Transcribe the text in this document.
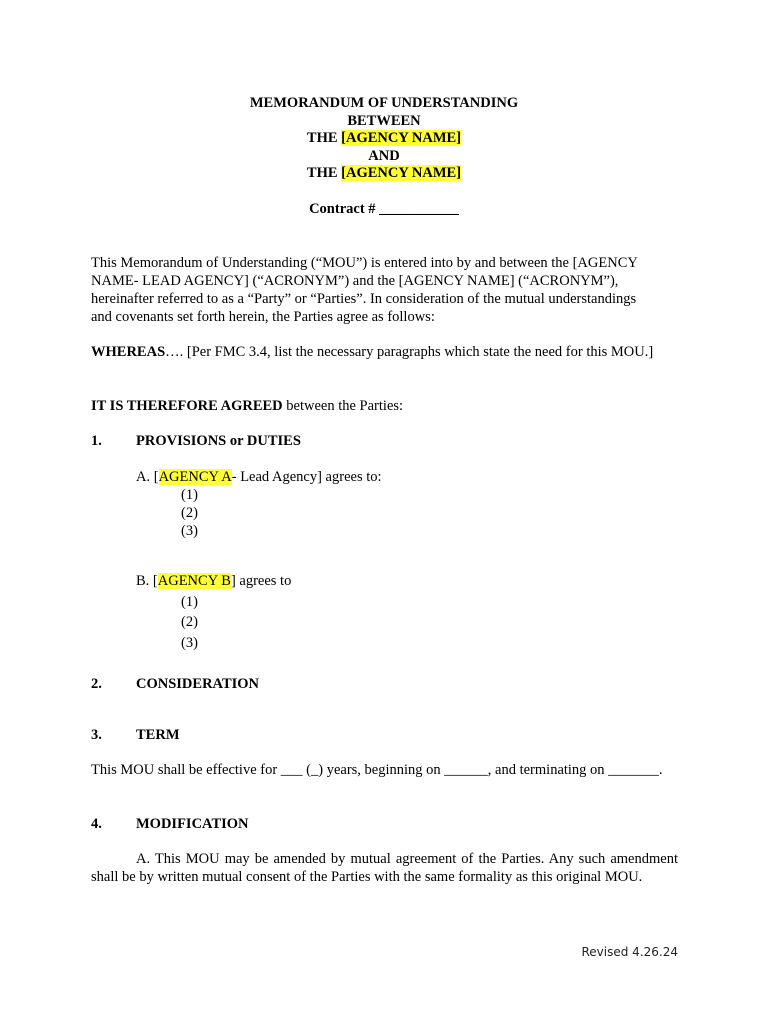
MEMORANDUM OF UNDERSTANDING
BETWEEN
THE [AGENCY NAME]
AND
THE [AGENCY NAME]
Contract # ___________
This Memorandum of Understanding (“MOU”) is entered into by and between the [AGENCY
NAME- LEAD AGENCY] (“ACRONYM”) and the [AGENCY NAME] (“ACRONYM”),
hereinafter referred to as a “Party” or “Parties”. In consideration of the mutual understandings
and covenants set forth herein, the Parties agree as follows:
WHEREAS…. [Per FMC 3.4, list the necessary paragraphs which state the need for this MOU.]
IT IS THEREFORE AGREED between the Parties:
1. PROVISIONS or DUTIES
A. [AGENCY A- Lead Agency] agrees to:
(1)
(2)
(3)
B. [AGENCY B] agrees to
(1)
(2)
(3)
2. CONSIDERATION
3. TERM
This MOU shall be effective for ___ (_) years, beginning on ______, and terminating on _______.
4. MODIFICATION
A. This MOU may be amended by mutual agreement of the Parties. Any such amendment shall be by written mutual consent of the Parties with the same formality as this original MOU.
Revised 4.26.24
